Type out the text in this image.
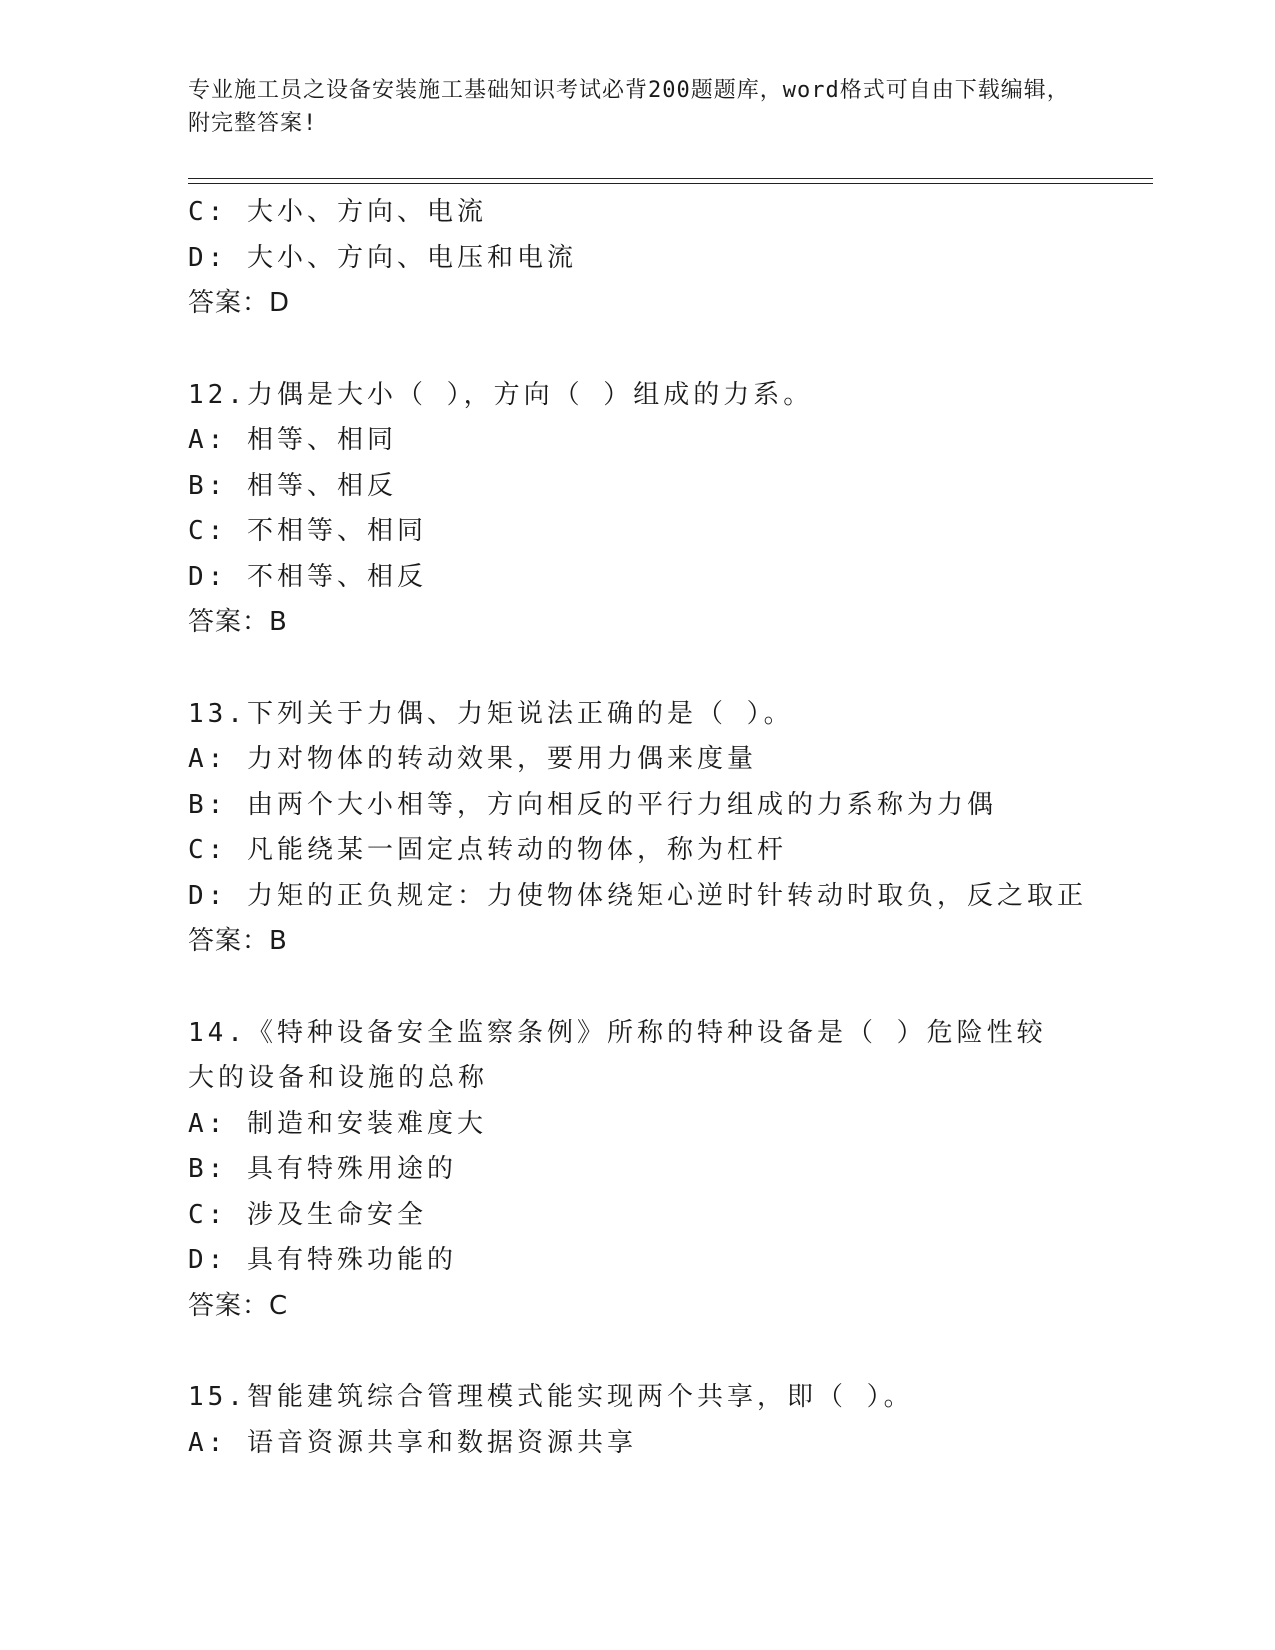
专业施工员之设备安装施工基础知识考试必背200题题库，word格式可自由下载编辑，附完整答案!
C: 大小、方向、电流
D: 大小、方向、电压和电流
答案：D
12.力偶是大小（ ），方向（ ）组成的力系。
A: 相等、相同
B: 相等、相反
C: 不相等、相同
D: 不相等、相反
答案：B
13.下列关于力偶、力矩说法正确的是（ ）。
A: 力对物体的转动效果，要用力偶来度量
B: 由两个大小相等，方向相反的平行力组成的力系称为力偶
C: 凡能绕某一固定点转动的物体，称为杠杆
D: 力矩的正负规定：力使物体绕矩心逆时针转动时取负，反之取正
答案：B
14.《特种设备安全监察条例》所称的特种设备是（ ）危险性较大的设备和设施的总称
A: 制造和安装难度大
B: 具有特殊用途的
C: 涉及生命安全
D: 具有特殊功能的
答案：C
15.智能建筑综合管理模式能实现两个共享，即（ ）。
A: 语音资源共享和数据资源共享
